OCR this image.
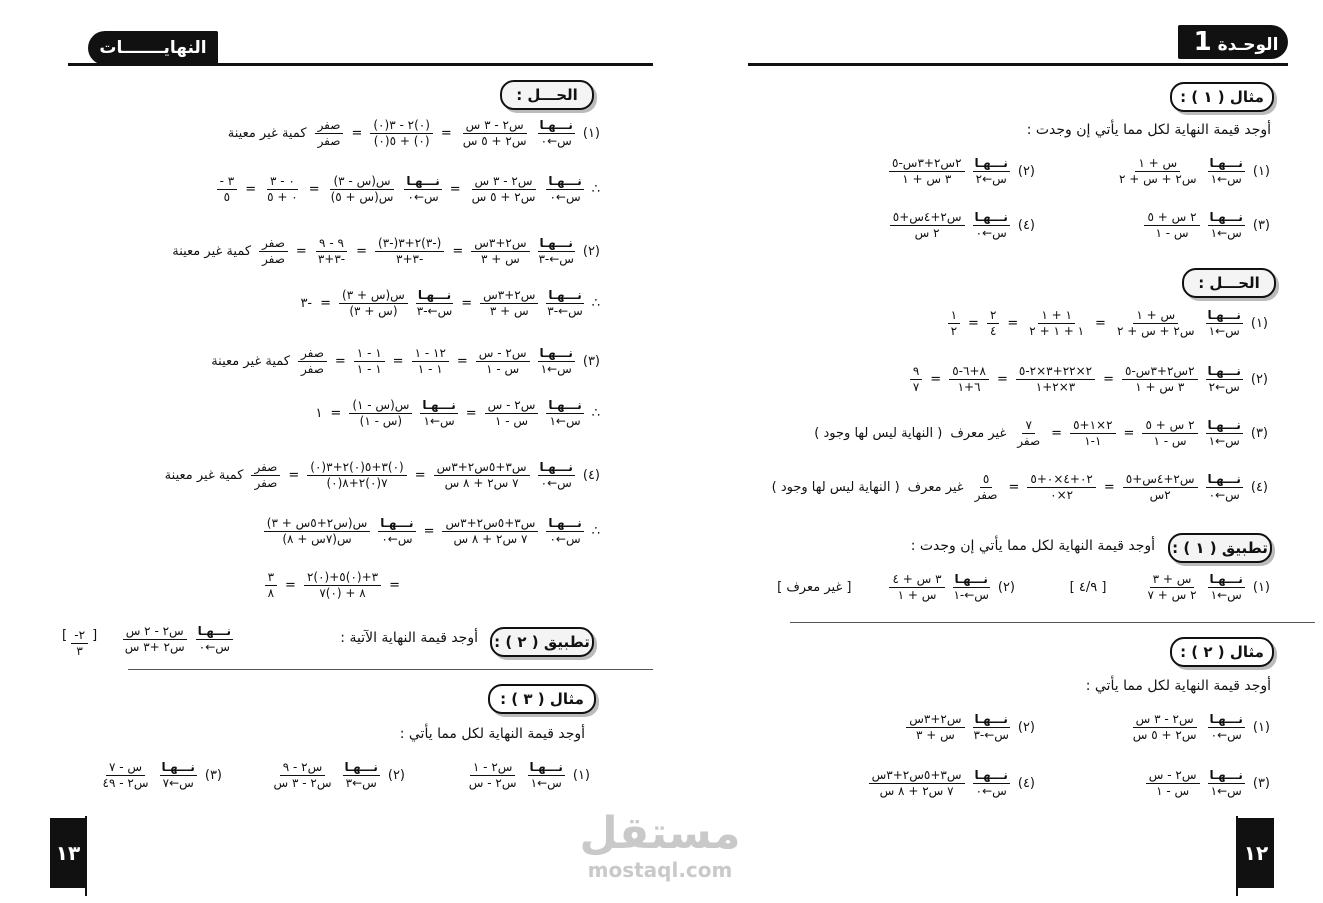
النهايـــــــات
الحـــل :
(١)
نـــهـا
س←٠
س٢ - ٣ س
س٢ + ٥ س
=
(٠)٢ - ٣(٠)
(٠) + ٥(٠)
=
صفر
صفر
كمية غير معينة
∴
نـــهـا
س←٠
س٢ - ٣ س
س٢ + ٥ س
=
نـــهـا
س←٠
س(س - ٣)
س(س + ٥)
=
٠ - ٣
٠ + ٥
=
٣ -
٥
(٢)
نـــهـا
س←-٣
س٢+٣س
س + ٣
=
(-٣)٢+٣(-٣)
-٣+٣
=
٩ - ٩
-٣+٣
=
صفر
صفر
كمية غير معينة
∴
نـــهـا
س←-٣
س٢+٣س
س + ٣
=
نـــهـا
س←-٣
س(س + ٣)
(س + ٣)
=
-٣
(٣)
نـــهـا
س←١
س٢ - س
س - ١
=
١٢ - ١
١ - ١
=
١ - ١
١ - ١
=
صفر
صفر
كمية غير معينة
∴
نـــهـا
س←١
س٢ - س
س - ١
=
نـــهـا
س←١
س(س - ١)
(س - ١)
=
١
(٤)
نـــهـا
س←٠
س٣+٥س٢+٣س
٧ س٢ + ٨ س
=
(٠)٣+٥(٠)٢+٣(٠)
٧(٠)٢+٨(٠)
=
صفر
صفر
كمية غير معينة
∴
نـــهـا
س←٠
س٣+٥س٢+٣س
٧ س٢ + ٨ س
=
نـــهـا
س←٠
س(س٢+٥س + ٣)
س(٧س + ٨)
=
٣+(٠)٥+(٠)٢
٨ + (٠)٧
=
٣
٨
تطبيق ( ٢ ) :
أوجد قيمة النهاية الآتية :
نـــهـا
س←٠
س٢ - ٢ س
س٢ +٣ س
[
٢-
٣
]
مثال ( ٣ ) :
أوجد قيمة النهاية لكل مما يأتي :
(١)
نـــهـا
س←١
س٢ - ١
س٢ - س
(٢)
نـــهـا
س←٣
س٢ - ٩
س٢ - ٣ س
(٣)
نـــهـا
س←٧
س - ٧
س٢ - ٤٩
١٣
1 الوحـدة
مثال ( ١ ) :
أوجد قيمة النهاية لكل مما يأتي إن وجدت :
(١)
نـــهـا
س←١
س + ١
س٢ + س + ٢
(٢)
نـــهـا
س←٢
٢س٢+٣س-٥
٣ س + ١
(٣)
نـــهـا
س←١
٢ س + ٥
س - ١
(٤)
نـــهـا
س←٠
س٢+٤س+٥
٢ س
الحـــل :
(١)
نـــهـا
س←١
س + ١
س٢ + س + ٢
=
١ + ١
١ + ١ + ٢
=
٢
٤
=
١
٢
(٢)
نـــهـا
س←٢
٢س٢+٣س-٥
٣ س + ١
=
٢×٢٢+٣×٢-٥
٣×٢+١
=
٨+٦-٥
٦+١
=
٩
٧
(٣)
نـــهـا
س←١
٢ س + ٥
س - ١
=
٢×١+٥
١-١
=
٧
صفر
غير معرف
( النهاية ليس لها وجود )
(٤)
نـــهـا
س←٠
س٢+٤س+٥
٢س
=
٠٢+٤×٠+٥
٢×٠
=
٥
صفر
غير معرف
( النهاية ليس لها وجود )
تطبيق ( ١ ) :
أوجد قيمة النهاية لكل مما يأتي إن وجدت :
(١)
نـــهـا
س←١
س + ٣
٢ س + ٧
[ ٤/٩ ]
(٢)
نـــهـا
س←-١
٣ س + ٤
س + ١
[ غير معرف ]
مثال ( ٢ ) :
أوجد قيمة النهاية لكل مما يأتي :
(١)
نـــهـا
س←٠
س٢ - ٣ س
س٢ + ٥ س
(٢)
نـــهـا
س←-٣
س٢+٣س
س + ٣
(٣)
نـــهـا
س←١
س٢ - س
س - ١
(٤)
نـــهـا
س←٠
س٣+٥س٢+٣س
٧ س٢ + ٨ س
١٢
مستقل
mostaql.com
